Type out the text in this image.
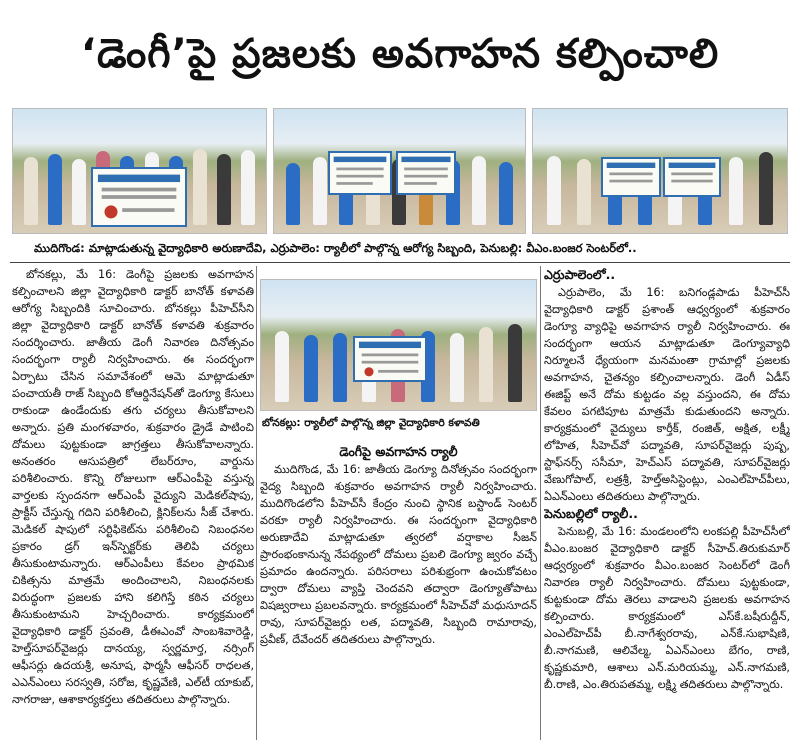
‘డెంగీ’పై ప్రజలకు అవగాహన కల్పించాలి
ముదిగొండ: మాట్లాడుతున్న వైద్యాధికారి అరుణాదేవి, ఎర్రుపాలెం: ర్యాలీలో పాల్గొన్న ఆరోగ్య సిబ్బంది, పెనుబల్లి: వీఎం.బంజర సెంటర్‌లో..

బోనకల్లు, మే 16: డెంగీపై ప్రజలకు అవగాహన కల్పించాలని జిల్లా వైద్యాధికారి డాక్టర్ బానోత్ కళావతి ఆరోగ్య సిబ్బందికి సూచించారు. బోనకల్లు పీహెచ్‌సీని జిల్లా వైద్యాధికారి డాక్టర్ బానోత్ కళావతి శుక్రవారం సందర్శించారు. జాతీయ డెంగీ నివారణ దినోత్సవం సందర్భంగా ర్యాలీ నిర్వహించారు. ఈ సందర్భంగా ఏర్పాటు చేసిన సమావేశంలో ఆమె మాట్లాడుతూ పంచాయతీ రాజ్ సిబ్బంది కోఆర్డినేషన్‌తో డెంగ్యూ కేసులు రాకుండా ఉండేందుకు తగు చర్యలు తీసుకోవాలని అన్నారు. ప్రతి మంగళవారం, శుక్రవారం డ్రైడే పాటించి దోమలు పుట్టకుండా జాగ్రత్తలు తీసుకోవాలన్నారు. అనంతరం ఆసుపత్రిలో లేబర్‌రూం, వార్డును పరిశీలించారు. కొన్ని రోజులుగా ఆర్‌ఎంపీపై వస్తున్న వార్తలకు స్పందనగా ఆర్‌ఎంపీ వైద్యుని మెడికల్‌షాపు, ప్రాక్టీస్ చేస్తున్న గదిని పరిశీలించి, క్లినిక్‌లను సీజ్ చేశారు. మెడికల్ షాపులో సర్టిఫికెట్‌ను పరిశీలించి నిబంధనల ప్రకారం డ్రగ్ ఇన్‌స్పెక్టర్‌కు తెలిపి చర్యలు తీసుకుంటామన్నారు. ఆర్‌ఎంపీలు కేవలం ప్రాథమిక చికిత్సను మాత్రమే అందించాలని, నిబంధనలకు విరుద్ధంగా ప్రజలకు హాని కలిగిస్తే కఠిన చర్యలు తీసుకుంటామని హెచ్చరించారు. కార్యక్రమంలో వైద్యాధికారి డాక్టర్ స్రవంతి, డీఈఎంవో సాంబశివారెడ్డి, హెల్త్‌సూపర్‌వైజర్లు దానయ్య, స్వర్ణమార్త, నర్సింగ్ ఆఫీసర్లు ఉదయశ్రీ, అనూష, ఫార్మసీ ఆఫీసర్ రాధలత, ఎఎన్‌ఎంలు సరస్వతి, సరోజ, కృష్ణవేణి, ఎల్‌టీ యాకుబ్, నాగరాజు, ఆశాకార్యకర్తలు తదితరులు పాల్గొన్నారు.

బోనకల్లు: ర్యాలీలో పాల్గొన్న జిల్లా వైద్యాధికారి కళావతి
డెంగీపై అవగాహన ర్యాలీ

ముదిగొండ, మే 16: జాతీయ డెంగ్యూ దినోత్సవం సందర్భంగా వైద్య సిబ్బంది శుక్రవారం అవగాహన ర్యాలీ నిర్వహించారు. ముదిగొండలోని పీహెచ్‌సీ కేంద్రం నుంచి స్థానిక బస్టాండ్ సెంటర్ వరకూ ర్యాలీ నిర్వహించారు. ఈ సందర్భంగా వైద్యాధికారి అరుణాదేవి మాట్లాడుతూ త్వరలో వర్షాకాల సీజన్ ప్రారంభంకానున్న నేపథ్యంలో దోమలు ప్రబలి డెంగ్యూ జ్వరం వచ్చే ప్రమాదం ఉందన్నారు. పరిసరాలు పరిశుభ్రంగా ఉంచుకోవటం ద్వారా దోమలు వ్యాప్తి చెందవని తద్వారా డెంగ్యూతోపాటు విషజ్వరాలు ప్రబలవన్నారు. కార్యక్రమంలో సీహెచ్‌వో మధుసూదన్ రావు, సూపర్‌వైజర్లు లత, పద్మావతి, సిబ్బంది రామారావు, ప్రవీణ్, దేవేందర్ తదితరులు పాల్గొన్నారు.

ఎర్రుపాలెంలో..

ఎర్రుపాలెం, మే 16: బనిగండ్లపాడు పీహెచ్‌సీ వైద్యాధికారి డాక్టర్ ప్రశాంత్ ఆధ్వర్యంలో శుక్రవారం డెంగ్యూ వ్యాధిపై అవగాహన ర్యాలీ నిర్వహించారు. ఈ సందర్భంగా ఆయన మాట్లాడుతూ డెంగ్యూవ్యాధి నిర్మూలనే ధ్యేయంగా మనమంతా గ్రామాల్లో ప్రజలకు అవగాహన, చైతన్యం కల్పించాలన్నారు. డెంగీ ఏడీస్ ఈజిప్ట్ అనే దోమ కుట్టడం వల్ల వస్తుందని, ఈ దోమ కేవలం పగటిపూట మాత్రమే కుడుతుందని అన్నారు. కార్యక్రమంలో వైద్యులు కార్తీక్, రంజిత్, అక్షిత, లక్ష్మీ లోహిత, సీహెచ్‌వో పద్మావతి, సూపర్‌వైజర్లు పుష్ప, స్టాఫ్‌నర్స్ ససీమా, హెచ్‌ఎస్ పద్మావతి, సూపర్‌వైజర్లు వేణుగోపాల్, లత్రశ్రీ, హెల్త్‌అసిస్టెంట్లు, ఎంఎల్‌హెచ్‌పీలు, ఏఎన్ఎంలు తదితరులు పాల్గొన్నారు.

పెనుబల్లిలో ర్యాలీ..

పెనుబల్లి, మే 16: మండలంలోని లంకపల్లి పీహెచ్‌సీలో వీఎం.బంజర వైద్యాధికారి డాక్టర్ సీహెచ్.తిరుకుమార్ ఆధ్వర్యంలో శుక్రవారం వీఎం.బంజర సెంటర్‌లో డెంగీ నివారణ ర్యాలీ నిర్వహించారు. దోమలు పుట్టకుండా, కుట్టకుండా దోమ తెరలు వాడాలని ప్రజలకు అవగాహన కల్పించారు. కార్యక్రమంలో ఎస్‌కే.బషీరుద్దీన్, ఎంఎల్‌హెచ్‌పీ బీ.నాగేశ్వరరావు, ఎన్‌కే.సుభాషిణి, బీ.నాగమణి, ఆలివేల్మ, ఏఎన్‌ఎంలు బేగం, రాణి, కృష్ణకుమారి, ఆశాలు ఎన్.మరియమ్మ, ఎన్.నాగమణి, బీ.రాణి, ఎం.తిరుపతమ్మ, లక్ష్మి తదితరులు పాల్గొన్నారు.
